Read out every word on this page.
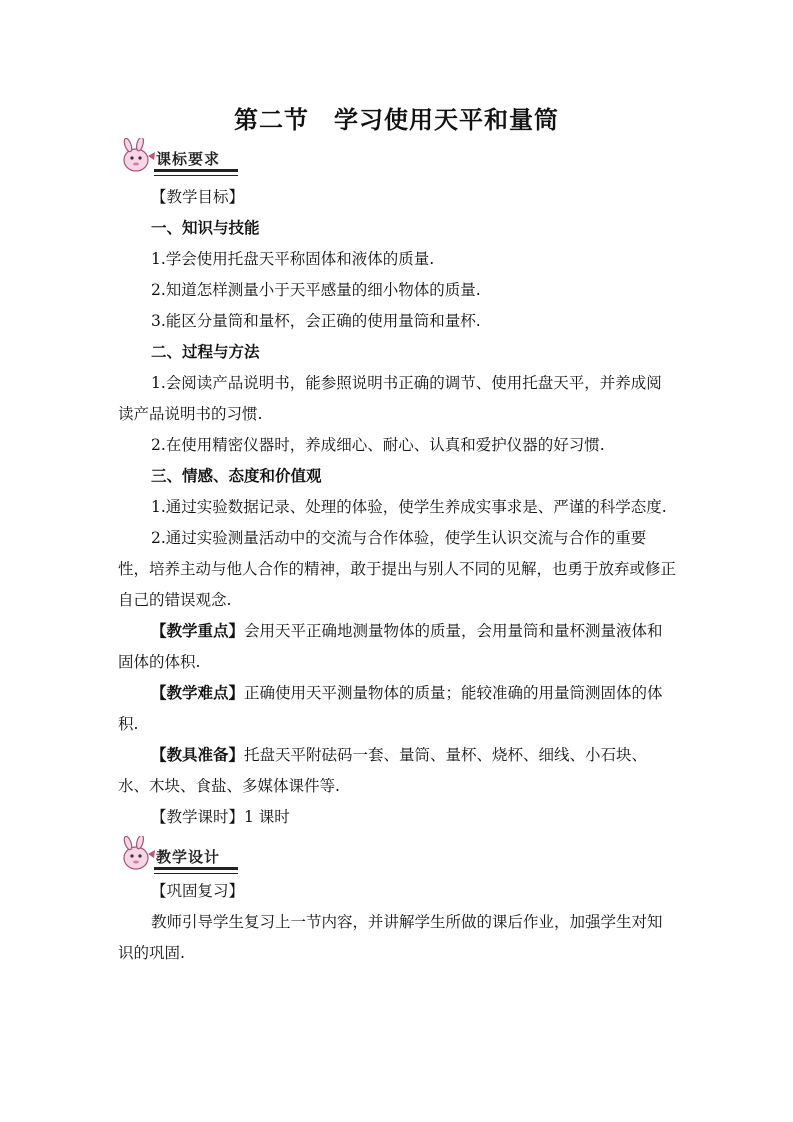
第二节　学习使用天平和量筒
课标要求

【教学目标】

一、知识与技能

1.学会使用托盘天平称固体和液体的质量.

2.知道怎样测量小于天平感量的细小物体的质量.

3.能区分量筒和量杯，会正确的使用量筒和量杯.

二、过程与方法

1.会阅读产品说明书，能参照说明书正确的调节、使用托盘天平，并养成阅读产品说明书的习惯.

2.在使用精密仪器时，养成细心、耐心、认真和爱护仪器的好习惯.

三、情感、态度和价值观

1.通过实验数据记录、处理的体验，使学生养成实事求是、严谨的科学态度.

2.通过实验测量活动中的交流与合作体验，使学生认识交流与合作的重要性，培养主动与他人合作的精神，敢于提出与别人不同的见解，也勇于放弃或修正自己的错误观念.

【教学重点】会用天平正确地测量物体的质量，会用量筒和量杯测量液体和固体的体积.

【教学难点】正确使用天平测量物体的质量；能较准确的用量筒测固体的体积.

【教具准备】托盘天平附砝码一套、量筒、量杯、烧杯、细线、小石块、水、木块、食盐、多媒体课件等.

【教学课时】1 课时

教学设计

【巩固复习】

教师引导学生复习上一节内容，并讲解学生所做的课后作业，加强学生对知识的巩固.
